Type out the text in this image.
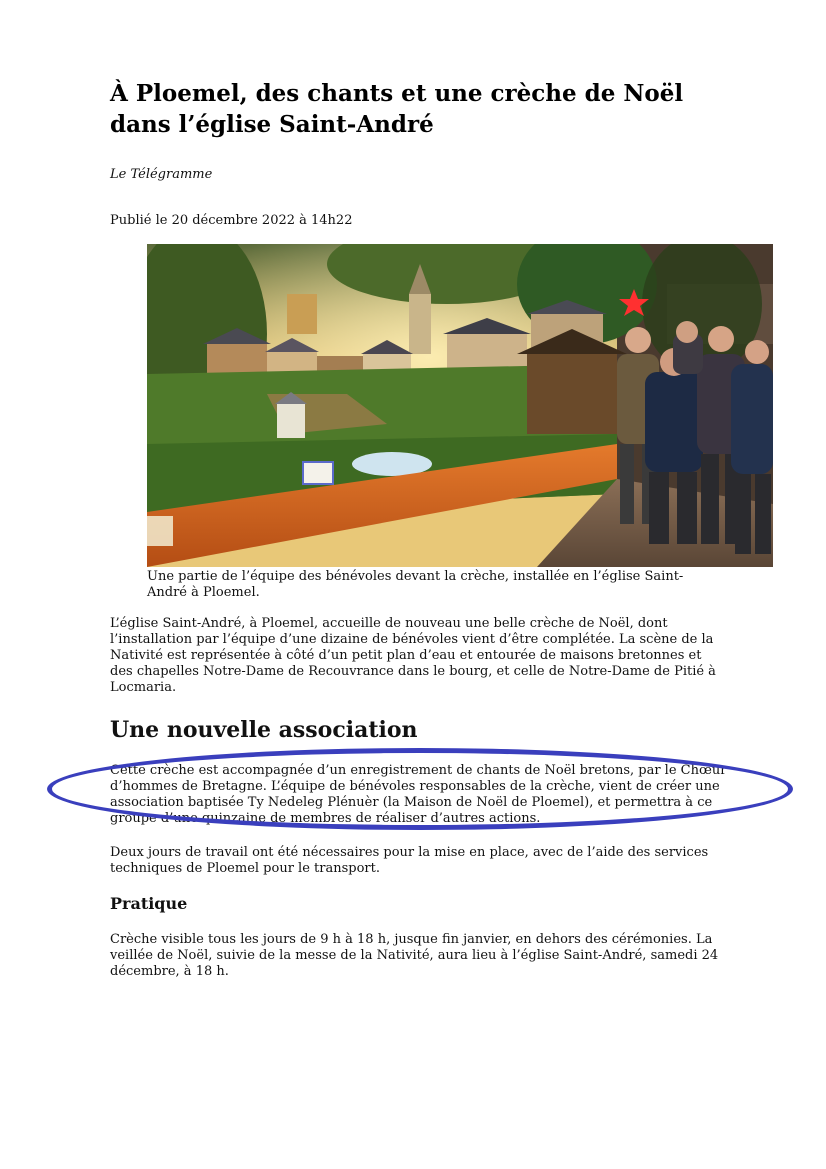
À Ploemel, des chants et une crèche de Noël dans l’église Saint-André

Le Télégramme

Publié le 20 décembre 2022 à 14h22

Une partie de l’équipe des bénévoles devant la crèche, installée en l’église Saint-André à Ploemel.

L’église Saint-André, à Ploemel, accueille de nouveau une belle crèche de Noël, dont l’installation par l’équipe d’une dizaine de bénévoles vient d’être complétée. La scène de la Nativité est représentée à côté d’un petit plan d’eau et entourée de maisons bretonnes et des chapelles Notre-Dame de Recouvrance dans le bourg, et celle de Notre-Dame de Pitié à Locmaria.

Une nouvelle association

Cette crèche est accompagnée d’un enregistrement de chants de Noël bretons, par le Chœur d’hommes de Bretagne. L’équipe de bénévoles responsables de la crèche, vient de créer une association baptisée Ty Nedeleg Plénuèr (la Maison de Noël de Ploemel), et permettra à ce groupe d’une quinzaine de membres de réaliser d’autres actions.

Deux jours de travail ont été nécessaires pour la mise en place, avec de l’aide des services techniques de Ploemel pour le transport.

Pratique

Crèche visible tous les jours de 9 h à 18 h, jusque fin janvier, en dehors des cérémonies. La veillée de Noël, suivie de la messe de la Nativité, aura lieu à l’église Saint-André, samedi 24 décembre, à 18 h.
